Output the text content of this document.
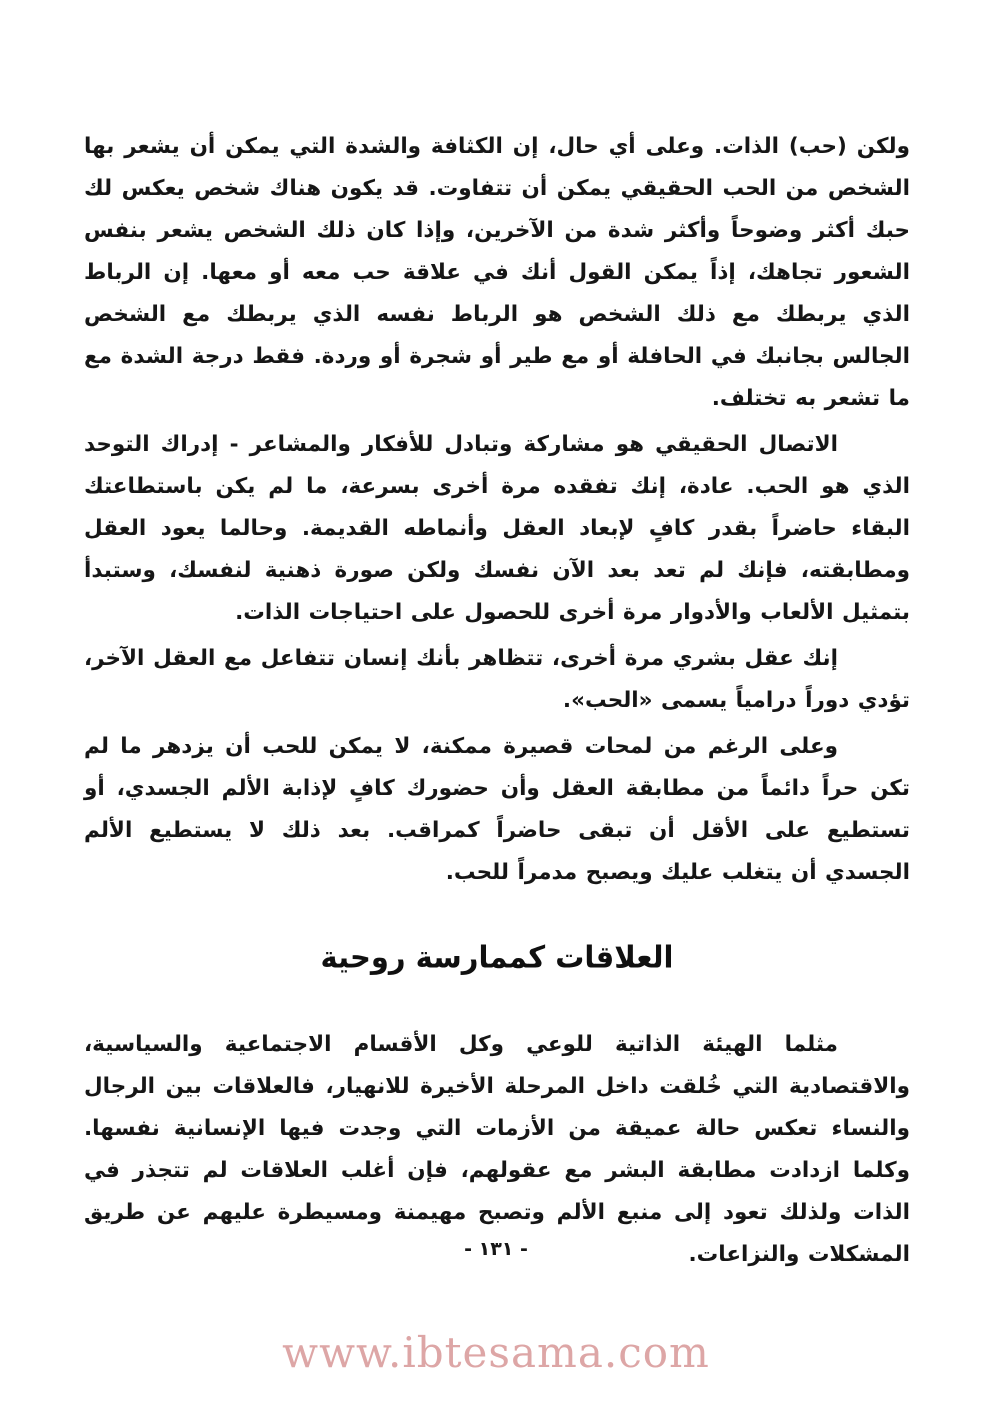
ولكن (حب) الذات. وعلى أي حال، إن الكثافة والشدة التي يمكن أن يشعر بها الشخص من الحب الحقيقي يمكن أن تتفاوت. قد يكون هناك شخص يعكس لك حبك أكثر وضوحاً وأكثر شدة من الآخرين، وإذا كان ذلك الشخص يشعر بنفس الشعور تجاهك، إذاً يمكن القول أنك في علاقة حب معه أو معها. إن الرباط الذي يربطك مع ذلك الشخص هو الرباط نفسه الذي يربطك مع الشخص الجالس بجانبك في الحافلة أو مع طير أو شجرة أو وردة. فقط درجة الشدة مع ما تشعر به تختلف.

الاتصال الحقيقي هو مشاركة وتبادل للأفكار والمشاعر - إدراك التوحد الذي هو الحب. عادة، إنك تفقده مرة أخرى بسرعة، ما لم يكن باستطاعتك البقاء حاضراً بقدر كافٍ لإبعاد العقل وأنماطه القديمة. وحالما يعود العقل ومطابقته، فإنك لم تعد بعد الآن نفسك ولكن صورة ذهنية لنفسك، وستبدأ بتمثيل الألعاب والأدوار مرة أخرى للحصول على احتياجات الذات.

إنك عقل بشري مرة أخرى، تتظاهر بأنك إنسان تتفاعل مع العقل الآخر، تؤدي دوراً درامياً يسمى «الحب».

وعلى الرغم من لمحات قصيرة ممكنة، لا يمكن للحب أن يزدهر ما لم تكن حراً دائماً من مطابقة العقل وأن حضورك كافٍ لإذابة الألم الجسدي، أو تستطيع على الأقل أن تبقى حاضراً كمراقب. بعد ذلك لا يستطيع الألم الجسدي أن يتغلب عليك ويصبح مدمراً للحب.

العلاقات كممارسة روحية

مثلما الهيئة الذاتية للوعي وكل الأقسام الاجتماعية والسياسية، والاقتصادية التي خُلقت داخل المرحلة الأخيرة للانهيار، فالعلاقات بين الرجال والنساء تعكس حالة عميقة من الأزمات التي وجدت فيها الإنسانية نفسها. وكلما ازدادت مطابقة البشر مع عقولهم، فإن أغلب العلاقات لم تتجذر في الذات ولذلك تعود إلى منبع الألم وتصبح مهيمنة ومسيطرة عليهم عن طريق المشكلات والنزاعات.

- ١٣١ -
www.ibtesama.com
